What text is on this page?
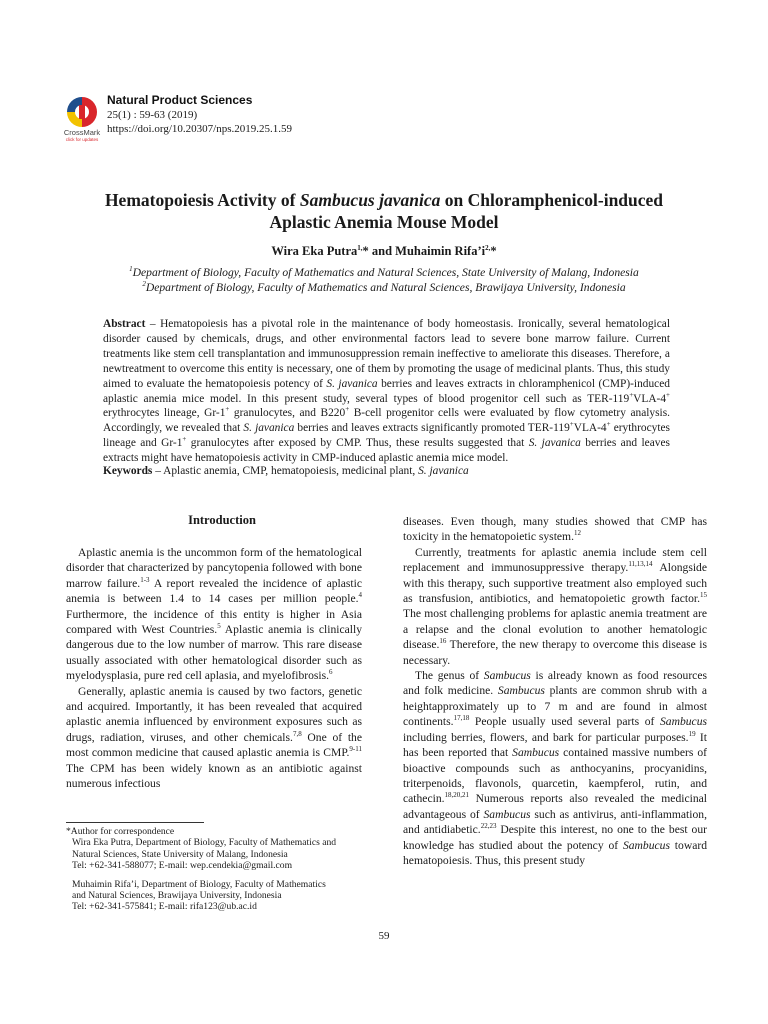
CrossMark
click for updates
Natural Product Sciences
25(1) : 59-63 (2019)
https://doi.org/10.20307/nps.2019.25.1.59
Hematopoiesis Activity of Sambucus javanica on Chloramphenicol-induced
Aplastic Anemia Mouse Model
Wira Eka Putra$^{1,}$* and Muhaimin $Rifa’i^{2,}*$
$^1$Department of Biology, Faculty of Mathematics and Natural Sciences, State University of Malang, Indonesia
$^2$Department of Biology, Faculty of Mathematics and Natural Sciences, Brawijaya University, Indonesia
Abstract – Hematopoiesis has a pivotal role in the maintenance of body homeostasis. Ironically, several hematological disorder caused by chemicals, drugs, and other environmental factors lead to severe bone marrow failure. Current treatments like stem cell transplantation and immunosuppression remain ineffective to ameliorate this diseases. Therefore, a newtreatment to overcome this entity is necessary, one of them by promoting the usage of medicinal plants. Thus, this study aimed to evaluate the hematopoiesis potency of S. javanica berries and leaves extracts in chloramphenicol (CMP)-induced aplastic anemia mice model. In this present study, several types of blood progenitor cell such as TER-119+VLA-4+ erythrocytes lineage, Gr-1+ granulocytes, and B220+ B-cell progenitor cells were evaluated by flow cytometry analysis. Accordingly, we revealed that S. javanica berries and leaves extracts significantly promoted TER-119+VLA-4+ erythrocytes lineage and Gr-1+ granulocytes after exposed by CMP. Thus, these results suggested that S. javanica berries and leaves extracts might have hematopoiesis activity in CMP-induced aplastic anemia mice model.
Keywords – Aplastic anemia, CMP, hematopoiesis, medicinal plant, S. javanica
Introduction

Aplastic anemia is the uncommon form of the hematological disorder that characterized by pancytopenia followed with bone marrow failure.$^{1-3}$ A report revealed the incidence of aplastic anemia is between 1.4 to 14 cases per million people.$^4$ Furthermore, the incidence of this entity is higher in Asia compared with West Countries.$^5$ Aplastic anemia is clinically dangerous due to the low number of marrow. This rare disease usually associated with other hematological disorder such as myelodysplasia, pure red cell aplasia, and myelofibrosis.$^6$

Generally, aplastic anemia is caused by two factors, genetic and acquired. Importantly, it has been revealed that acquired aplastic anemia influenced by environment exposures such as drugs, radiation, viruses, and other chemicals.$^{7,8}$ One of the most common medicine that caused aplastic anemia is CMP.$^{9-11}$ The CPM has been widely known as an antibiotic against numerous infectious

diseases. Even though, many studies showed that CMP has toxicity in the hematopoietic system.$^{12}$

Currently, treatments for aplastic anemia include stem cell replacement and immunosuppressive therapy.$^{11,13,14}$ Alongside with this therapy, such supportive treatment also employed such as transfusion, antibiotics, and hematopoietic growth factor.$^{15}$ The most challenging problems for aplastic anemia treatment are a relapse and the clonal evolution to another hematologic disease.$^{16}$ Therefore, the new therapy to overcome this disease is necessary.

The genus of Sambucus is already known as food resources and folk medicine. Sambucus plants are common shrub with a heightapproximately up to 7 m and are found in almost continents.$^{17,18}$ People usually used several parts of Sambucus including berries, flowers, and bark for particular purposes.$^{19}$ It has been reported that Sambucus contained massive numbers of bioactive compounds such as anthocyanins, procyanidins, triterpenoids, flavonols, quarcetin, kaempferol, rutin, and cathecin.$^{18,20,21}$ Numerous reports also revealed the medicinal advantageous of Sambucus such as antivirus, anti-inflammation, and antidiabetic.$^{22,23}$ Despite this interest, no one to the best our knowledge has studied about the potency of Sambucus toward hematopoiesis. Thus, this present study

*Author for correspondence
Wira Eka Putra, Department of Biology, Faculty of Mathematics and
Natural Sciences, State University of Malang, Indonesia
Tel: +62-341-588077; E-mail: wep.cendekia@gmail.com
Muhaimin Rifa’i, Department of Biology, Faculty of Mathematics
and Natural Sciences, Brawijaya University, Indonesia
Tel: +62-341-575841; E-mail: rifa123@ub.ac.id
59
